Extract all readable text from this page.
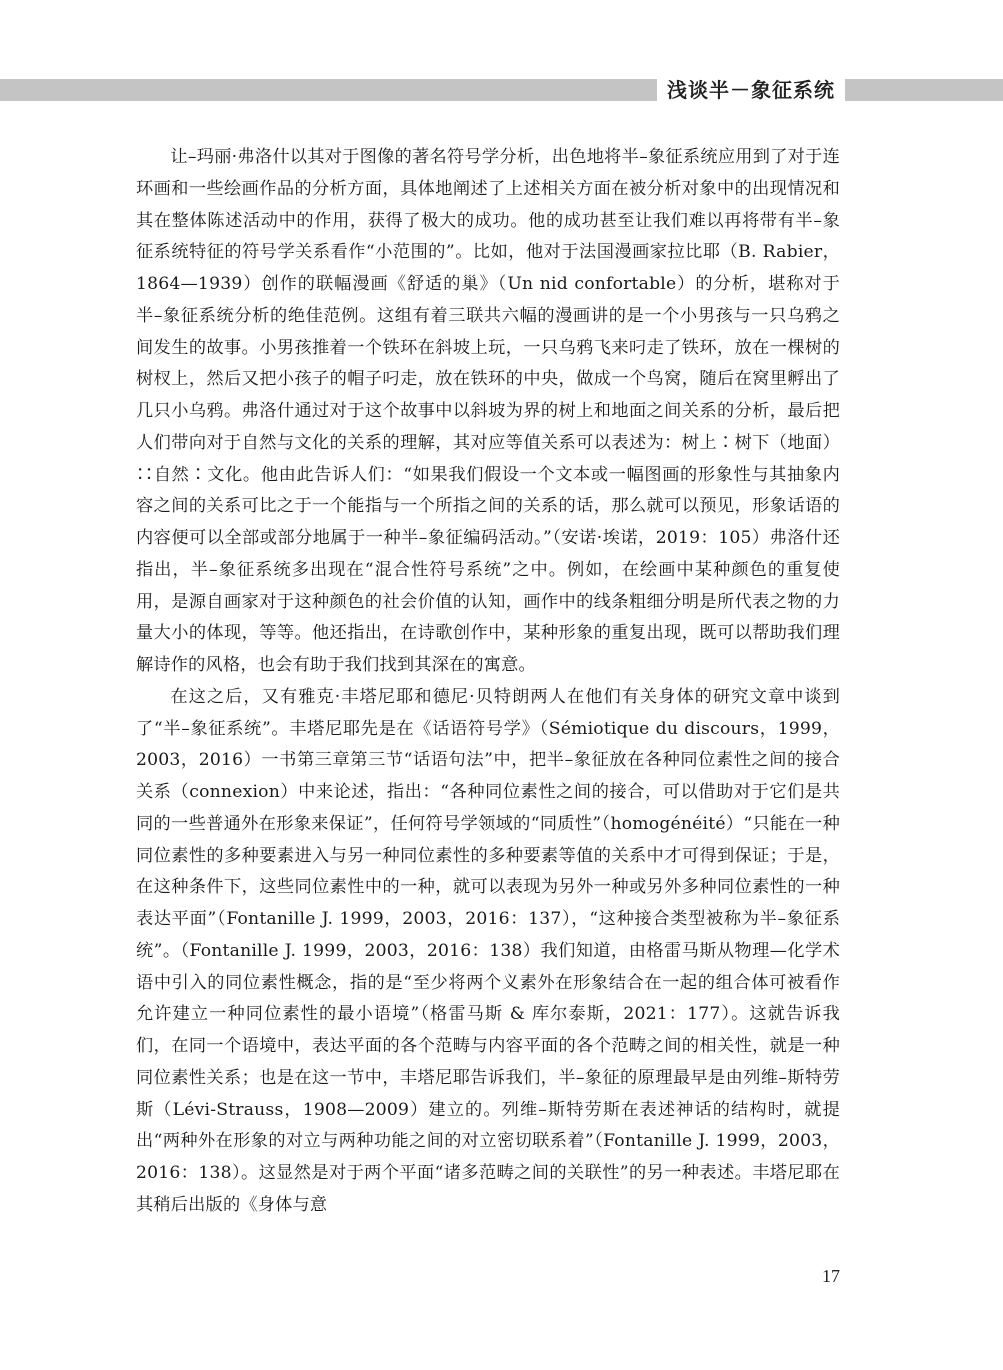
浅谈半－象征系统

让–玛丽·弗洛什以其对于图像的著名符号学分析，出色地将半–象征系统应用到了对于连环画和一些绘画作品的分析方面，具体地阐述了上述相关方面在被分析对象中的出现情况和其在整体陈述活动中的作用，获得了极大的成功。他的成功甚至让我们难以再将带有半–象征系统特征的符号学关系看作“小范围的”。比如，他对于法国漫画家拉比耶（B. Rabier，1864—1939）创作的联幅漫画《舒适的巢》（Un nid confortable）的分析，堪称对于半–象征系统分析的绝佳范例。这组有着三联共六幅的漫画讲的是一个小男孩与一只乌鸦之间发生的故事。小男孩推着一个铁环在斜坡上玩，一只乌鸦飞来叼走了铁环，放在一棵树的树杈上，然后又把小孩子的帽子叼走，放在铁环的中央，做成一个鸟窝，随后在窝里孵出了几只小乌鸦。弗洛什通过对于这个故事中以斜坡为界的树上和地面之间关系的分析，最后把人们带向对于自然与文化的关系的理解，其对应等值关系可以表述为：树上∶树下（地面）∷自然∶文化。他由此告诉人们：“如果我们假设一个文本或一幅图画的形象性与其抽象内容之间的关系可比之于一个能指与一个所指之间的关系的话，那么就可以预见，形象话语的内容便可以全部或部分地属于一种半–象征编码活动。”（安诺·埃诺，2019：105）弗洛什还指出，半–象征系统多出现在“混合性符号系统”之中。例如，在绘画中某种颜色的重复使用，是源自画家对于这种颜色的社会价值的认知，画作中的线条粗细分明是所代表之物的力量大小的体现，等等。他还指出，在诗歌创作中，某种形象的重复出现，既可以帮助我们理解诗作的风格，也会有助于我们找到其深在的寓意。

在这之后，又有雅克·丰塔尼耶和德尼·贝特朗两人在他们有关身体的研究文章中谈到了“半–象征系统”。丰塔尼耶先是在《话语符号学》（Sémiotique du discours，1999，2003，2016）一书第三章第三节“话语句法”中，把半–象征放在各种同位素性之间的接合关系（connexion）中来论述，指出：“各种同位素性之间的接合，可以借助对于它们是共同的一些普通外在形象来保证”，任何符号学领域的“同质性”（homogénéité）“只能在一种同位素性的多种要素进入与另一种同位素性的多种要素等值的关系中才可得到保证；于是，在这种条件下，这些同位素性中的一种，就可以表现为另外一种或另外多种同位素性的一种表达平面”（Fontanille J. 1999，2003，2016：137），“这种接合类型被称为半–象征系统”。（Fontanille J. 1999，2003，2016：138）我们知道，由格雷马斯从物理—化学术语中引入的同位素性概念，指的是“至少将两个义素外在形象结合在一起的组合体可被看作允许建立一种同位素性的最小语境”（格雷马斯 & 库尔泰斯，2021：177）。这就告诉我们，在同一个语境中，表达平面的各个范畴与内容平面的各个范畴之间的相关性，就是一种同位素性关系；也是在这一节中，丰塔尼耶告诉我们，半–象征的原理最早是由列维–斯特劳斯（Lévi-Strauss，1908—2009）建立的。列维–斯特劳斯在表述神话的结构时，就提出“两种外在形象的对立与两种功能之间的对立密切联系着”（Fontanille J. 1999，2003，2016：138）。这显然是对于两个平面“诸多范畴之间的关联性”的另一种表述。丰塔尼耶在其稍后出版的《身体与意

17
